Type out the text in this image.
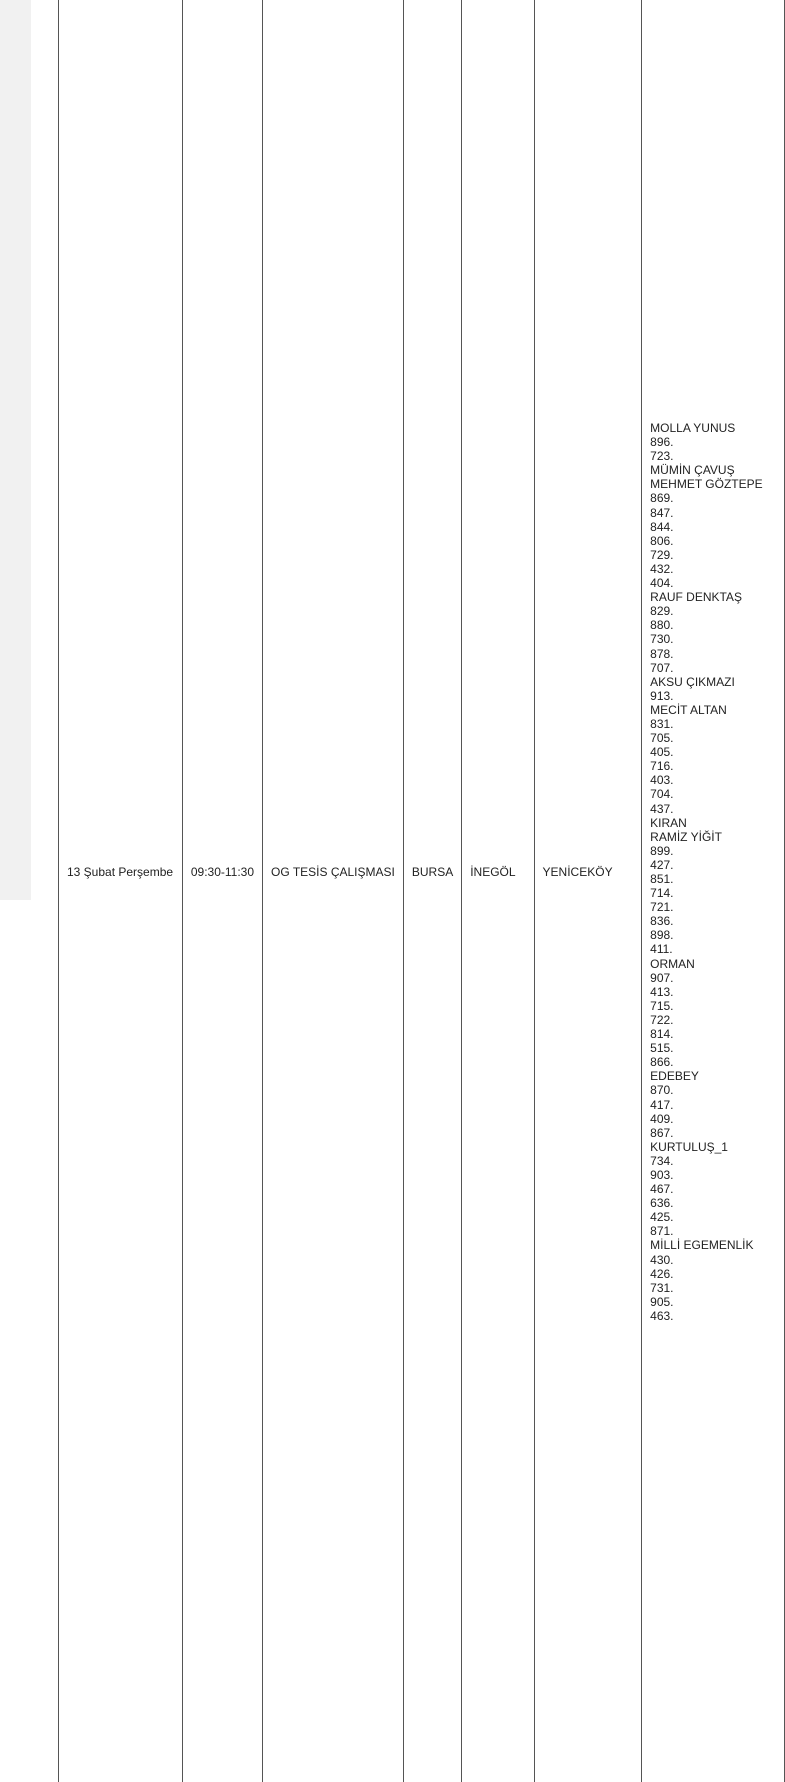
13 Şubat Perşembe	09:30-11:30	OG TESİS ÇALIŞMASI	BURSA	İNEGÖL	YENİCEKÖY

MOLLA YUNUS
896.
723.
MÜMİN ÇAVUŞ
MEHMET GÖZTEPE
869.
847.
844.
806.
729.
432.
404.
RAUF DENKTAŞ
829.
880.
730.
878.
707.
AKSU ÇIKMAZI
913.
MECİT ALTAN
831.
705.
405.
716.
403.
704.
437.
KIRAN
RAMİZ YİĞİT
899.
427.
851.
714.
721.
836.
898.
411.
ORMAN
907.
413.
715.
722.
814.
515.
866.
EDEBEY
870.
417.
409.
867.
KURTULUŞ_1
734.
903.
467.
636.
425.
871.
MİLLİ EGEMENLİK
430.
426.
731.
905.
463.
